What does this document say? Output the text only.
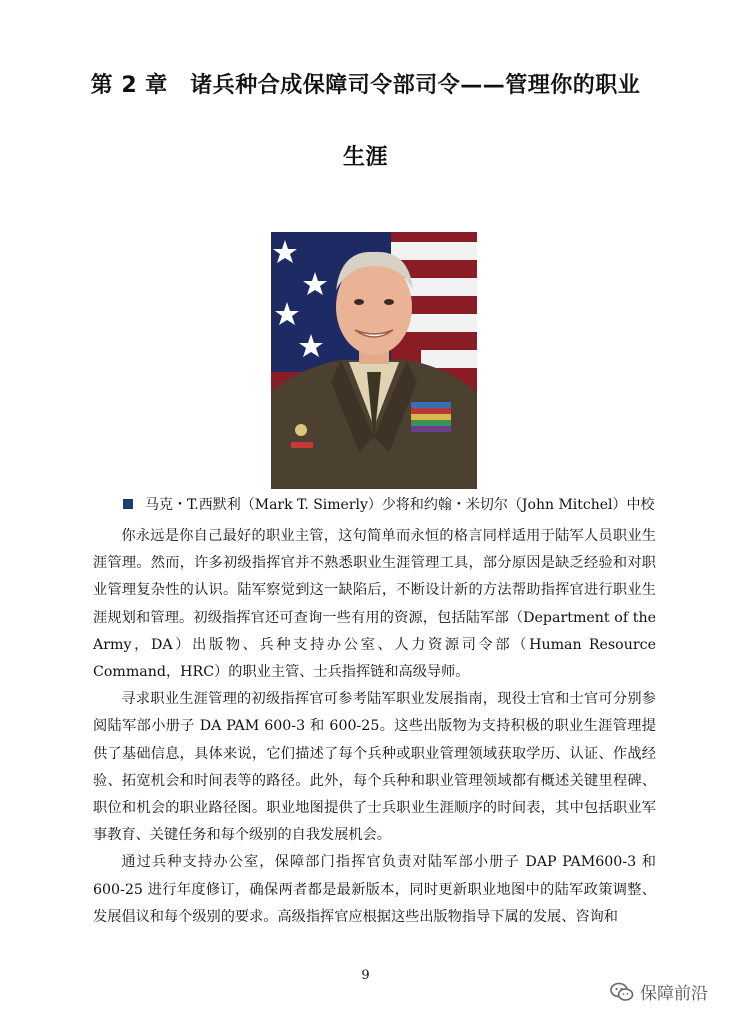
第 2 章　诸兵种合成保障司令部司令——管理你的职业
生涯
马克・T.西默利（Mark T. Simerly）少将和约翰・米切尔（John Mitchel）中校

你永远是你自己最好的职业主管，这句简单而永恒的格言同样适用于陆军人员职业生涯管理。然而，许多初级指挥官并不熟悉职业生涯管理工具，部分原因是缺乏经验和对职业管理复杂性的认识。陆军察觉到这一缺陷后，不断设计新的方法帮助指挥官进行职业生涯规划和管理。初级指挥官还可查询一些有用的资源，包括陆军部（Department of the Army，DA）出版物、兵种支持办公室、人力资源司令部（Human Resource Command，HRC）的职业主管、士兵指挥链和高级导师。

寻求职业生涯管理的初级指挥官可参考陆军职业发展指南，现役士官和士官可分别参阅陆军部小册子 DA PAM 600-3 和 600-25。这些出版物为支持积极的职业生涯管理提供了基础信息，具体来说，它们描述了每个兵种或职业管理领域获取学历、认证、作战经验、拓宽机会和时间表等的路径。此外，每个兵种和职业管理领域都有概述关键里程碑、职位和机会的职业路径图。职业地图提供了士兵职业生涯顺序的时间表，其中包括职业军事教育、关键任务和每个级别的自我发展机会。

通过兵种支持办公室，保障部门指挥官负责对陆军部小册子 DAP PAM600-3 和 600-25 进行年度修订，确保两者都是最新版本，同时更新职业地图中的陆军政策调整、发展倡议和每个级别的要求。高级指挥官应根据这些出版物指导下属的发展、咨询和

9
保障前沿
